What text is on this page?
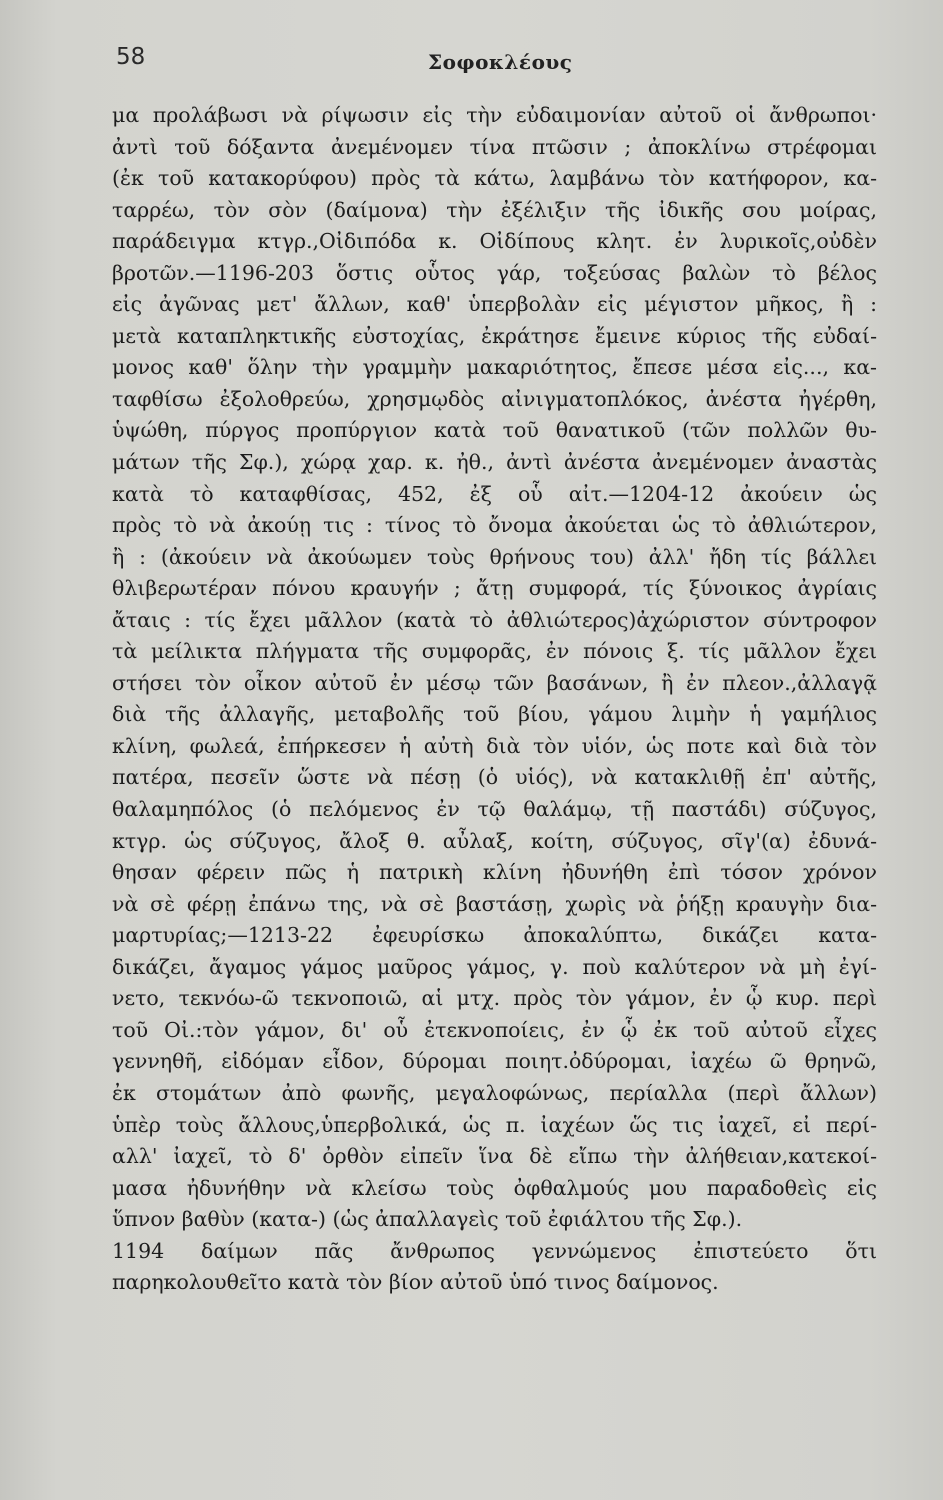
58	Σοφοκλέους
μα προλάβωσι νὰ ρίψωσιν εἰς τὴν εὐδαιμονίαν αὐτοῦ οἱ ἄνθρωποι·
ἀντὶ τοῦ δόξαντα ἀνεμένομεν τίνα πτῶσιν ; ἀποκλίνω στρέφομαι
(ἐκ τοῦ κατακορύφου) πρὸς τὰ κάτω, λαμβάνω τὸν κατήφορον, κα-
ταρρέω, τὸν σὸν (δαίμονα) τὴν ἐξέλιξιν τῆς ἰδικῆς σου μοίρας,
παράδειγμα κτγρ.,Οἰδιπόδα κ. Οἰδίπους κλητ. ἐν λυρικοῖς,οὐδὲν
βροτῶν.—1196-203 ὅστις οὗτος γάρ, τοξεύσας βαλὼν τὸ βέλος
εἰς ἀγῶνας μετ' ἄλλων, καθ' ὑπερβολὰν εἰς μέγιστον μῆκος, ἢ :
μετὰ καταπληκτικῆς εὐστοχίας, ἐκράτησε ἔμεινε κύριος τῆς εὐδαί-
μονος καθ' ὅλην τὴν γραμμὴν μακαριότητος, ἔπεσε μέσα εἰς..., κα-
ταφθίσω ἐξολοθρεύω, χρησμῳδὸς αἰνιγματοπλόκος, ἀνέστα ἠγέρθη,
ὑψώθη, πύργος προπύργιον κατὰ τοῦ θανατικοῦ (τῶν πολλῶν θυ-
μάτων τῆς Σφ.), χώρᾳ χαρ. κ. ἠθ., ἀντὶ ἀνέστα ἀνεμένομεν ἀναστὰς
κατὰ τὸ καταφθίσας, 452, ἐξ οὗ αἰτ.—1204-12 ἀκούειν ὡς
πρὸς τὸ νὰ ἀκούῃ τις : τίνος τὸ ὄνομα ἀκούεται ὡς τὸ ἀθλιώτερον,
ἢ : (ἀκούειν νὰ ἀκούωμεν τοὺς θρήνους του) ἀλλ' ἤδη τίς βάλλει
θλιβερωτέραν πόνου κραυγήν ; ἄτῃ συμφορά, τίς ξύνοικος ἀγρίαις
ἄταις : τίς ἔχει μᾶλλον (κατὰ τὸ ἀθλιώτερος)ἀχώριστον σύντροφον
τὰ μείλικτα πλήγματα τῆς συμφορᾶς, ἐν πόνοις ξ. τίς μᾶλλον ἔχει
στήσει τὸν οἶκον αὐτοῦ ἐν μέσῳ τῶν βασάνων, ἢ ἐν πλεον.,ἀλλαγᾷ
διὰ τῆς ἀλλαγῆς, μεταβολῆς τοῦ βίου, γάμου λιμὴν ἡ γαμήλιος
κλίνη, φωλεά, ἐπήρκεσεν ἡ αὐτὴ διὰ τὸν υἱόν, ὡς ποτε καὶ διὰ τὸν
πατέρα, πεσεῖν ὥστε νὰ πέσῃ (ὁ υἱός), νὰ κατακλιθῇ ἐπ' αὐτῆς,
θαλαμηπόλος (ὁ πελόμενος ἐν τῷ θαλάμῳ, τῇ παστάδι) σύζυγος,
κτγρ. ὡς σύζυγος, ἄλοξ θ. αὖλαξ, κοίτη, σύζυγος, σῖγ'(α) ἐδυνά-
θησαν φέρειν πῶς ἡ πατρικὴ κλίνη ἠδυνήθη ἐπὶ τόσον χρόνον
νὰ σὲ φέρῃ ἐπάνω της, νὰ σὲ βαστάσῃ, χωρὶς νὰ ῥήξῃ κραυγὴν δια-
μαρτυρίας;—1213-22 ἐφευρίσκω ἀποκαλύπτω, δικάζει κατα-
δικάζει, ἄγαμος γάμος μαῦρος γάμος, γ. ποὺ καλύτερον νὰ μὴ ἐγί-
νετο, τεκνόω-ῶ τεκνοποιῶ, αἱ μτχ. πρὸς τὸν γάμον, ἐν ᾧ κυρ. περὶ
τοῦ Οἰ.:τὸν γάμον, δι' οὗ ἐτεκνοποίεις, ἐν ᾧ ἐκ τοῦ αὐτοῦ εἶχες
γεννηθῆ, εἰδόμαν εἶδον, δύρομαι ποιητ.ὀδύρομαι, ἰαχέω ῶ θρηνῶ,
ἐκ στομάτων ἀπὸ φωνῆς, μεγαλοφώνως, περίαλλα (περὶ ἄλλων)
ὑπὲρ τοὺς ἄλλους,ὑπερβολικά, ὡς π. ἰαχέων ὥς τις ἰαχεῖ, εἰ περί-
αλλ' ἰαχεῖ, τὸ δ' ὀρθὸν εἰπεῖν ἵνα δὲ εἴπω τὴν ἀλήθειαν,κατεκοί-
μασα ἠδυνήθην νὰ κλείσω τοὺς ὀφθαλμούς μου παραδοθεὶς εἰς
ὕπνον βαθὺν (κατα-) (ὡς ἀπαλλαγεὶς τοῦ ἐφιάλτου τῆς Σφ.).
1194 δαίμων πᾶς ἄνθρωπος γεννώμενος ἐπιστεύετο ὅτι
παρηκολουθεῖτο κατὰ τὸν βίον αὐτοῦ ὑπό τινος δαίμονος.
